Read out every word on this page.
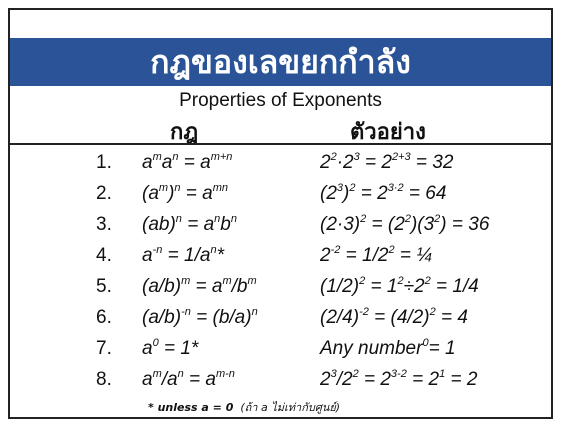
กฎของเลขยกกำลัง
Properties of Exponents
กฎ	ตัวอย่าง
1. $a^ma^n = a^{m+n}$	$2^2\cdot 2^3 = 2^{2+3} = 32$
2. $(a^m)^n = a^{mn}$	$(2^3)^2 = 2^{3\cdot 2} = 64$
3. $(ab)^n = a^nb^n$	$(2\cdot 3)^2 = (2^2)(3^2) = 36$
4. $a^{-n} = 1/a^n*$	$2^{-2} = 1/2^2$ = ¼
5. $(a/b)^m = a^m/b^m$	$(1/2)^2 = 1^2\div 2^2 = 1/4$
6. $(a/b)^{-n} = (b/a)^n$	$(2/4)^{-2} = (4/2)^2 = 4$
7. $a^0 = 1*$	Any number$^0$= 1
8. $a^m/a^n = a^{m-n}$	$2^3/2^2 = 2^{3-2} = 2^1 = 2$
* unless a = 0 (ถ้า a ไม่เท่ากับศูนย์)
